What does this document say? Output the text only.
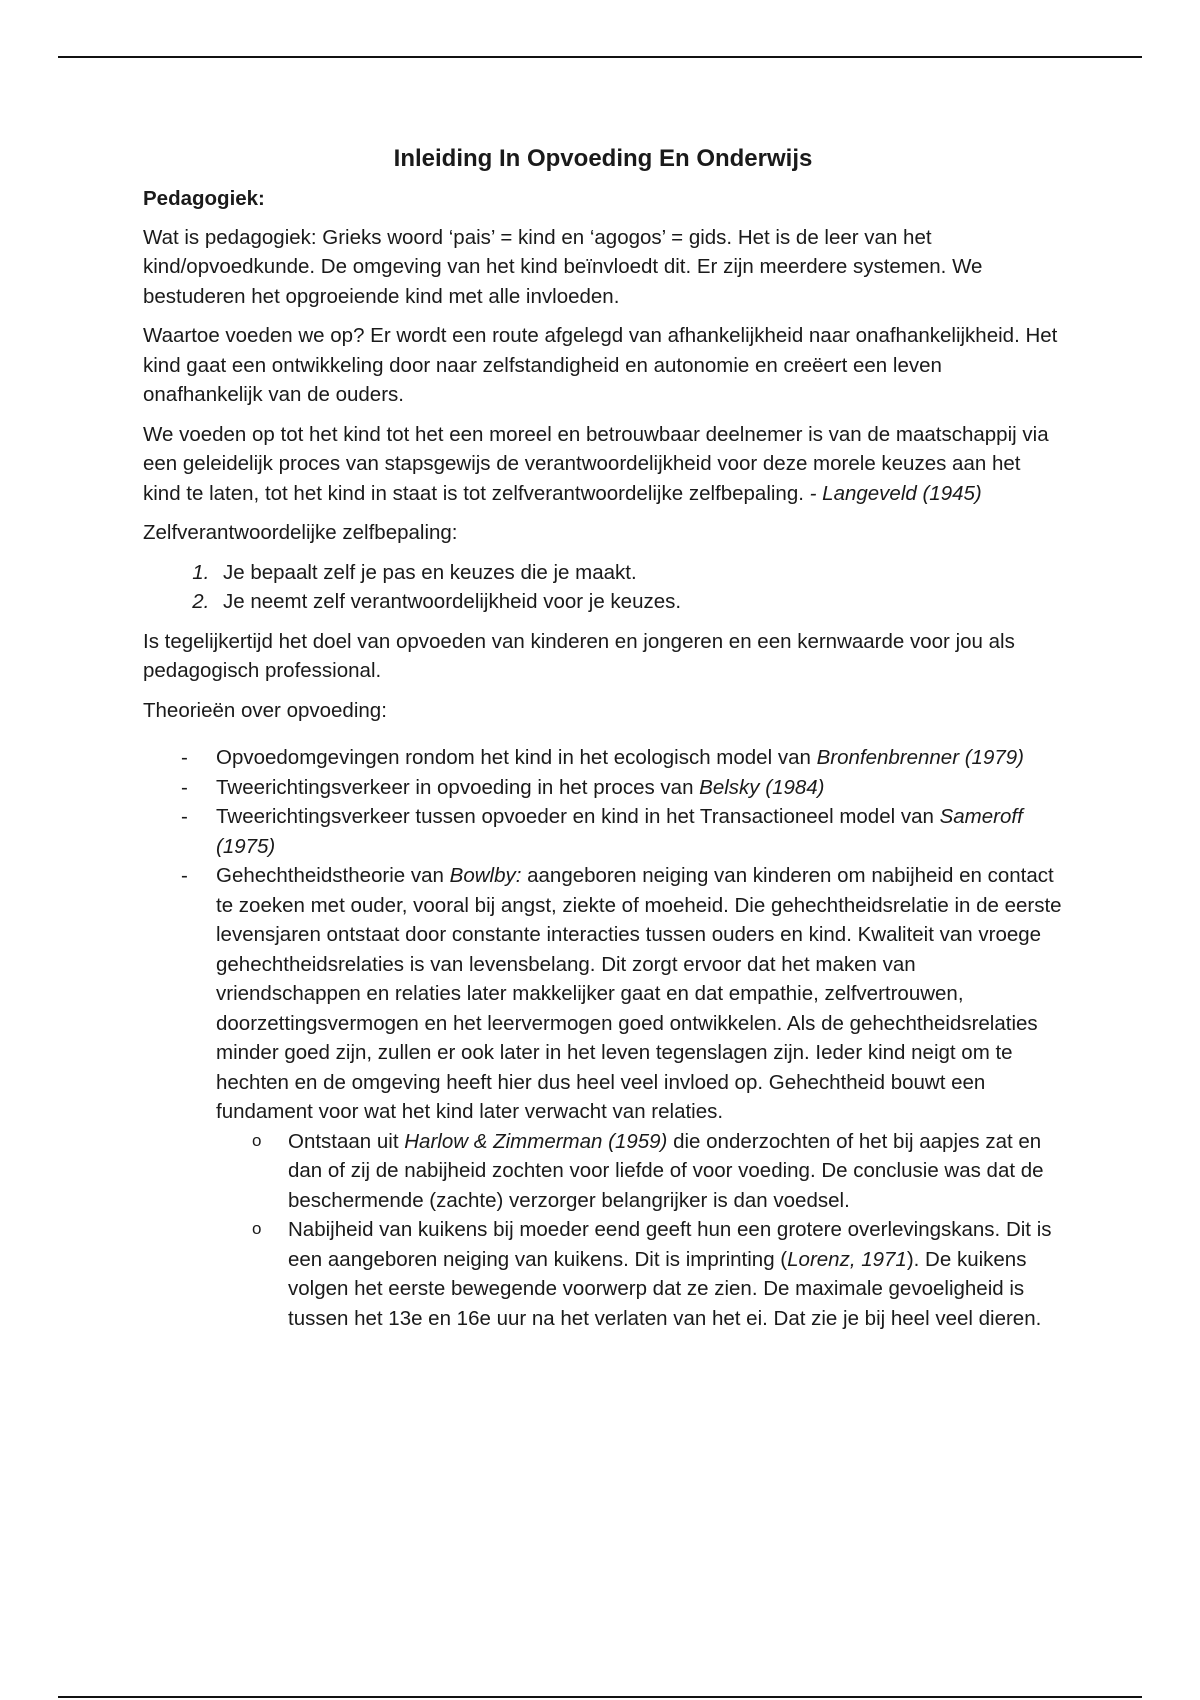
Inleiding In Opvoeding En Onderwijs
Pedagogiek:

Wat is pedagogiek: Grieks woord ‘pais’ = kind en ‘agogos’ = gids. Het is de leer van het kind/opvoedkunde. De omgeving van het kind beïnvloedt dit. Er zijn meerdere systemen. We bestuderen het opgroeiende kind met alle invloeden.

Waartoe voeden we op? Er wordt een route afgelegd van afhankelijkheid naar onafhankelijkheid. Het kind gaat een ontwikkeling door naar zelfstandigheid en autonomie en creëert een leven onafhankelijk van de ouders.

We voeden op tot het kind tot het een moreel en betrouwbaar deelnemer is van de maatschappij via een geleidelijk proces van stapsgewijs de verantwoordelijkheid voor deze morele keuzes aan het kind te laten, tot het kind in staat is tot zelfverantwoordelijke zelfbepaling. - Langeveld (1945)

Zelfverantwoordelijke zelfbepaling:

1. Je bepaalt zelf je pas en keuzes die je maakt.
2. Je neemt zelf verantwoordelijkheid voor je keuzes.

Is tegelijkertijd het doel van opvoeden van kinderen en jongeren en een kernwaarde voor jou als pedagogisch professional.

Theorieën over opvoeding:

- Opvoedomgevingen rondom het kind in het ecologisch model van Bronfenbrenner (1979)
- Tweerichtingsverkeer in opvoeding in het proces van Belsky (1984)
- Tweerichtingsverkeer tussen opvoeder en kind in het Transactioneel model van Sameroff (1975)
- Gehechtheidstheorie van Bowlby: aangeboren neiging van kinderen om nabijheid en contact te zoeken met ouder, vooral bij angst, ziekte of moeheid. Die gehechtheidsrelatie in de eerste levensjaren ontstaat door constante interacties tussen ouders en kind. Kwaliteit van vroege gehechtheidsrelaties is van levensbelang. Dit zorgt ervoor dat het maken van vriendschappen en relaties later makkelijker gaat en dat empathie, zelfvertrouwen, doorzettingsvermogen en het leervermogen goed ontwikkelen. Als de gehechtheidsrelaties minder goed zijn, zullen er ook later in het leven tegenslagen zijn. Ieder kind neigt om te hechten en de omgeving heeft hier dus heel veel invloed op. Gehechtheid bouwt een fundament voor wat het kind later verwacht van relaties.
o Ontstaan uit Harlow & Zimmerman (1959) die onderzochten of het bij aapjes zat en dan of zij de nabijheid zochten voor liefde of voor voeding. De conclusie was dat de beschermende (zachte) verzorger belangrijker is dan voedsel.
o Nabijheid van kuikens bij moeder eend geeft hun een grotere overlevingskans. Dit is een aangeboren neiging van kuikens. Dit is imprinting (Lorenz, 1971). De kuikens volgen het eerste bewegende voorwerp dat ze zien. De maximale gevoeligheid is tussen het 13e en 16e uur na het verlaten van het ei. Dat zie je bij heel veel dieren.
